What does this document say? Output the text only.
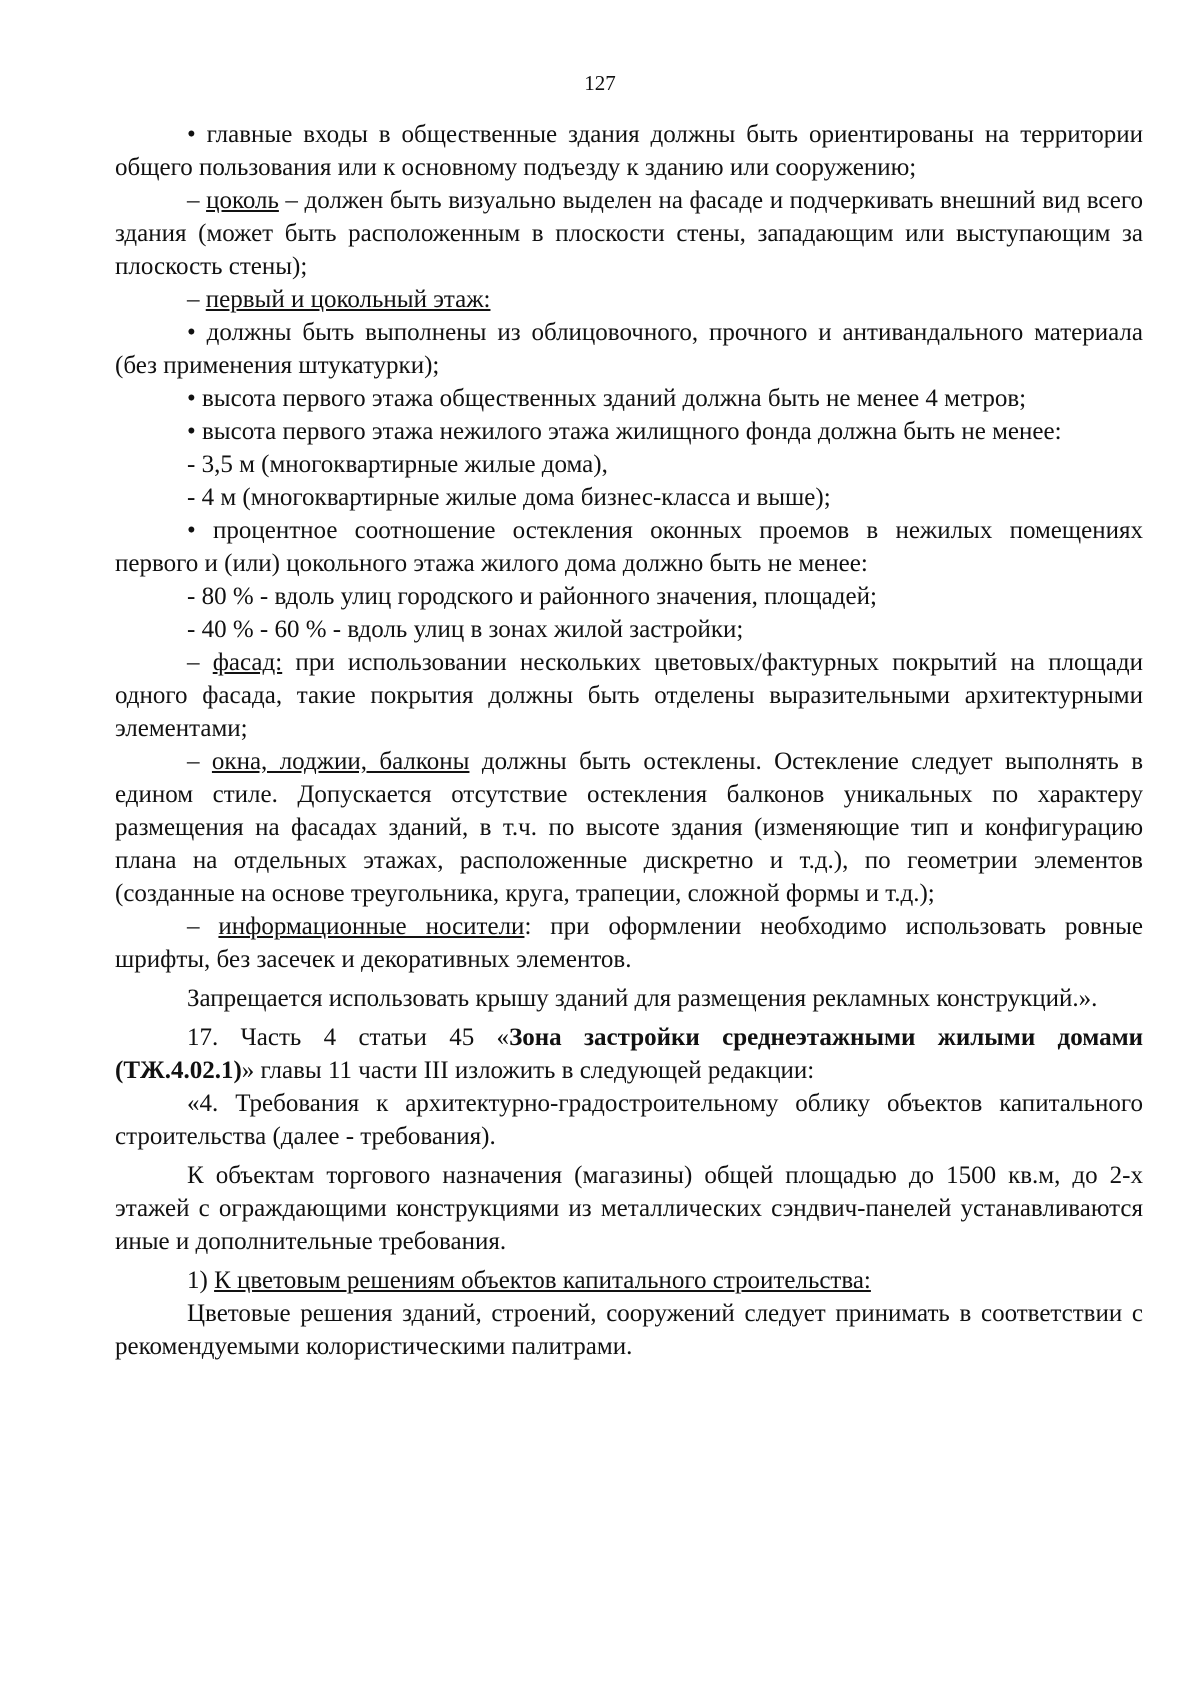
127

• главные входы в общественные здания должны быть ориентированы на территории общего пользования или к основному подъезду к зданию или сооружению;

– цоколь – должен быть визуально выделен на фасаде и подчеркивать внешний вид всего здания (может быть расположенным в плоскости стены, западающим или выступающим за плоскость стены);

– первый и цокольный этаж:

• должны быть выполнены из облицовочного, прочного и антивандального материала (без применения штукатурки);

• высота первого этажа общественных зданий должна быть не менее 4 метров;

• высота первого этажа нежилого этажа жилищного фонда должна быть не менее:

- 3,5 м (многоквартирные жилые дома),

- 4 м (многоквартирные жилые дома бизнес-класса и выше);

• процентное соотношение остекления оконных проемов в нежилых помещениях первого и (или) цокольного этажа жилого дома должно быть не менее:

- 80 % - вдоль улиц городского и районного значения, площадей;

- 40 % - 60 % - вдоль улиц в зонах жилой застройки;

– фасад: при использовании нескольких цветовых/фактурных покрытий на площади одного фасада, такие покрытия должны быть отделены выразительными архитектурными элементами;

– окна, лоджии, балконы должны быть остеклены. Остекление следует выполнять в едином стиле. Допускается отсутствие остекления балконов уникальных по характеру размещения на фасадах зданий, в т.ч. по высоте здания (изменяющие тип и конфигурацию плана на отдельных этажах, расположенные дискретно и т.д.), по геометрии элементов (созданные на основе треугольника, круга, трапеции, сложной формы и т.д.);

– информационные носители: при оформлении необходимо использовать ровные шрифты, без засечек и декоративных элементов.

Запрещается использовать крышу зданий для размещения рекламных конструкций.».

17. Часть 4 статьи 45 «Зона застройки среднеэтажными жилыми домами (ТЖ.4.02.1)» главы 11 части III изложить в следующей редакции:

«4. Требования к архитектурно-градостроительному облику объектов капитального строительства (далее - требования).

К объектам торгового назначения (магазины) общей площадью до 1500 кв.м, до 2-х этажей с ограждающими конструкциями из металлических сэндвич-панелей устанавливаются иные и дополнительные требования.

1) К цветовым решениям объектов капитального строительства:

Цветовые решения зданий, строений, сооружений следует принимать в соответствии с рекомендуемыми колористическими палитрами.
